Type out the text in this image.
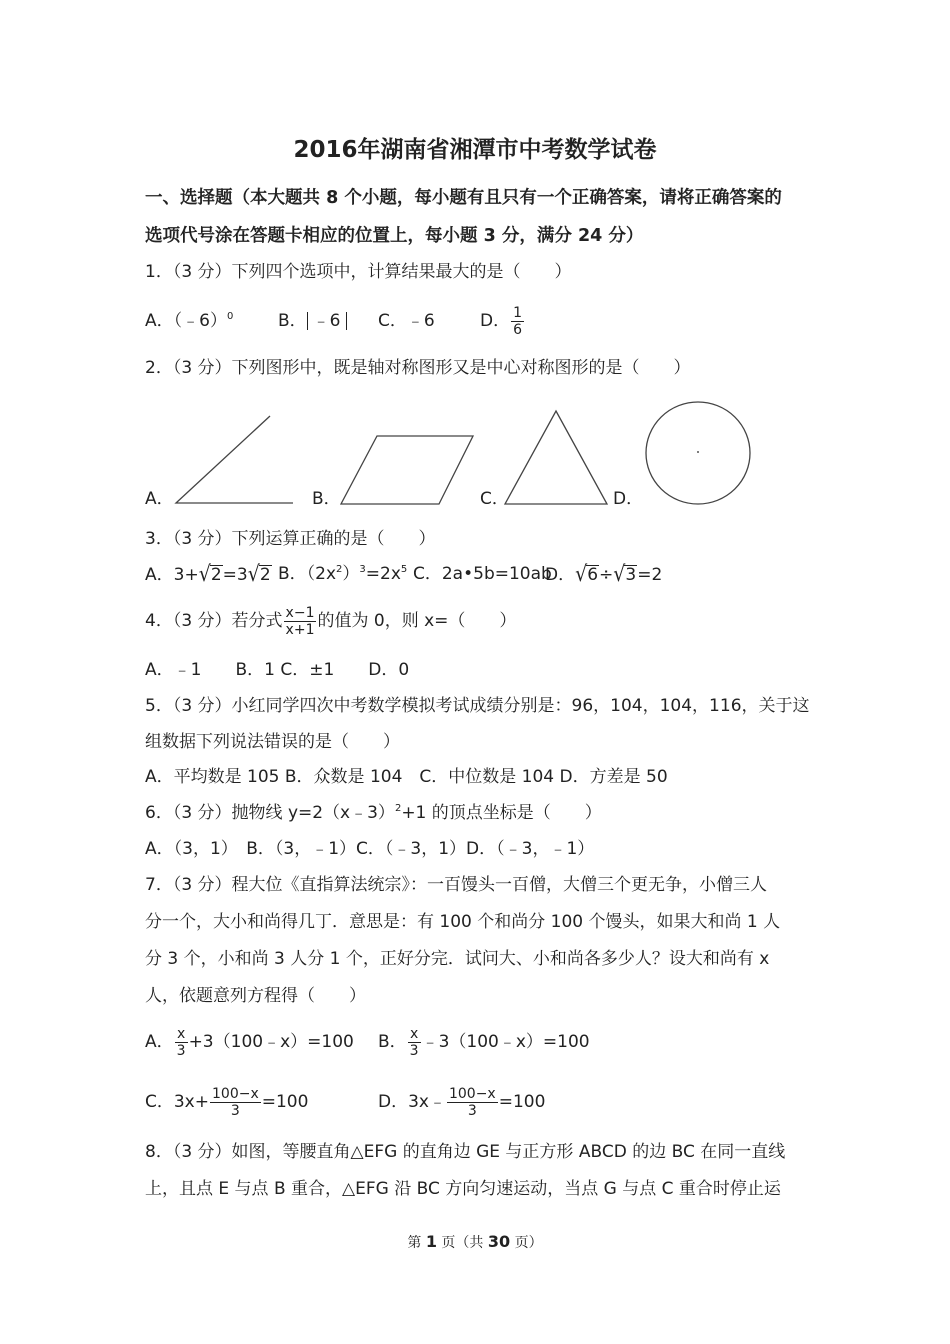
2016年湖南省湘潭市中考数学试卷
一、选择题（本大题共 8 个小题，每小题有且只有一个正确答案，请将正确答案的
选项代号涂在答题卡相应的位置上，每小题 3 分，满分 24 分）
1．（3 分）下列四个选项中，计算结果最大的是（　　）
A．（﹣6）$^0$	B． ﹣6	C．﹣6	D． $\frac{1}{6}$
2．（3 分）下列图形中，既是轴对称图形又是中心对称图形的是（　　）
A．	B．	C．	D．
3．（3 分）下列运算正确的是（　　）
A．3+√2=3√2 B．$(2x^2)^3=2x^5$ C．2a•5b=10ab
D．√6÷√3=2
4．（3 分）若分式 $\frac{x-1}{x+1}$ 的值为 0，则 x=（　　）
A．﹣1　　B．1 C．±1　　D．0
5．（3 分）小红同学四次中考数学模拟考试成绩分别是：96，104，104，116，关于这
组数据下列说法错误的是（　　）
A．平均数是 105 B．众数是 104　C．中位数是 104 D．方差是 50
6．（3 分）抛物线 y=2（x﹣3）$^2$+1 的顶点坐标是（　　）
A．（3，1）　B．（3，﹣1）C．（﹣3，1）D．（﹣3，﹣1）
7．（3 分）程大位《直指算法统宗》：一百馒头一百僧，大僧三个更无争，小僧三人
分一个，大小和尚得几丁．意思是：有 100 个和尚分 100 个馒头，如果大和尚 1 人
分 3 个，小和尚 3 人分 1 个，正好分完．试问大、小和尚各多少人？设大和尚有 x
人，依题意列方程得（　　）
A． $\frac{x}{3}$ +3（100﹣x）=100 B． $\frac{x}{3}$ ﹣3（100﹣x）=100
C．$3x+ \frac{100-x}{3} =100$	D．3x﹣ $\frac{100-x}{3} =100$
8．（3 分）如图，等腰直角△EFG 的直角边 GE 与正方形 ABCD 的边 BC 在同一直线
上，且点 E 与点 B 重合，△EFG 沿 BC 方向匀速运动，当点 G 与点 C 重合时停止运
第 1 页（共 30 页）
